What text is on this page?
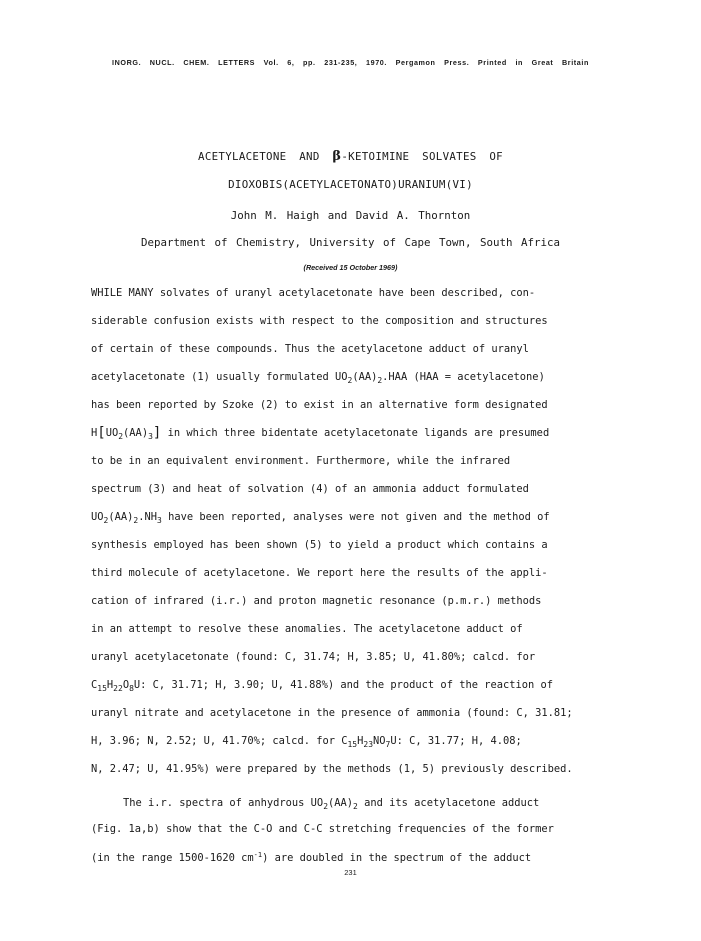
INORG. NUCL. CHEM. LETTERS Vol. 6, pp. 231-235, 1970. Pergamon Press. Printed in Great Britain
ACETYLACETONE AND β-KETOIMINE SOLVATES OF
DIOXOBIS(ACETYLACETONATO)URANIUM(VI)
John M. Haigh and David A. Thornton
Department of Chemistry, University of Cape Town, South Africa
(Received 15 October 1969)
WHILE MANY solvates of uranyl acetylacetonate have been described, con-
siderable confusion exists with respect to the composition and structures
of certain of these compounds. Thus the acetylacetone adduct of uranyl
acetylacetonate (1) usually formulated $UO_2(AA)_2.HAA$ (HAA = acetylacetone)
has been reported by Szoke (2) to exist in an alternative form designated
$H[UO_2(AA)_3]$ in which three bidentate acetylacetonate ligands are presumed
to be in an equivalent environment. Furthermore, while the infrared
spectrum (3) and heat of solvation (4) of an ammonia adduct formulated
$UO_2(AA)_2.NH_3$ have been reported, analyses were not given and the method of
synthesis employed has been shown (5) to yield a product which contains a
third molecule of acetylacetone. We report here the results of the appli-
cation of infrared (i.r.) and proton magnetic resonance (p.m.r.) methods
in an attempt to resolve these anomalies. The acetylacetone adduct of
uranyl acetylacetonate (found: C, 31.74; H, 3.85; U, 41.80%; calcd. for
$C_{15}H_{22}O_8U$: C, 31.71; H, 3.90; U, 41.88%) and the product of the reaction of
uranyl nitrate and acetylacetone in the presence of ammonia (found: C, 31.81;
H, 3.96; N, 2.52; U, 41.70%; calcd. for $C_{15}H_{23}NO_7U$: C, 31.77; H, 4.08;
N, 2.47; U, 41.95%) were prepared by the methods (1, 5) previously described.
The i.r. spectra of anhydrous $UO_2(AA)_2$ and its acetylacetone adduct
(Fig. 1a,b) show that the C-O and C-C stretching frequencies of the former
(in the range 1500-1620 $cm^{-1}$) are doubled in the spectrum of the adduct
231
